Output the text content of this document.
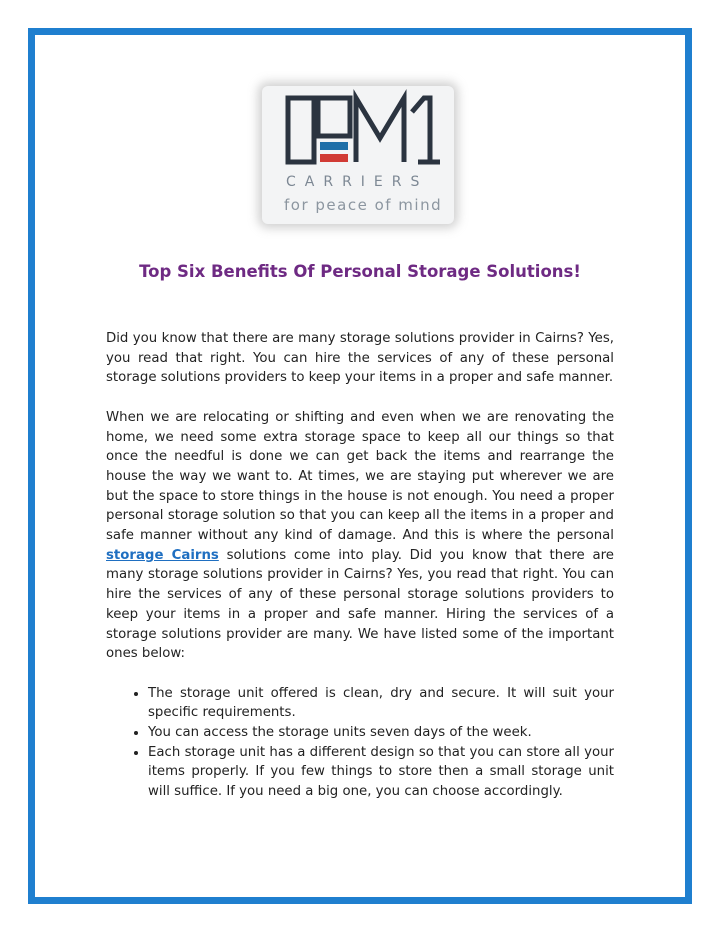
CARRIERS
for peace of mind
Top Six Benefits Of Personal Storage Solutions!

Did you know that there are many storage solutions provider in Cairns? Yes, you read that right. You can hire the services of any of these personal storage solutions providers to keep your items in a proper and safe manner.

When we are relocating or shifting and even when we are renovating the home, we need some extra storage space to keep all our things so that once the needful is done we can get back the items and rearrange the house the way we want to. At times, we are staying put wherever we are but the space to store things in the house is not enough. You need a proper personal storage solution so that you can keep all the items in a proper and safe manner without any kind of damage. And this is where the personal storage Cairns solutions come into play. Did you know that there are many storage solutions provider in Cairns? Yes, you read that right. You can hire the services of any of these personal storage solutions providers to keep your items in a proper and safe manner. Hiring the services of a storage solutions provider are many. We have listed some of the important ones below:

• The storage unit offered is clean, dry and secure. It will suit your specific requirements.
• You can access the storage units seven days of the week.
• Each storage unit has a different design so that you can store all your items properly. If you few things to store then a small storage unit will suffice. If you need a big one, you can choose accordingly.
